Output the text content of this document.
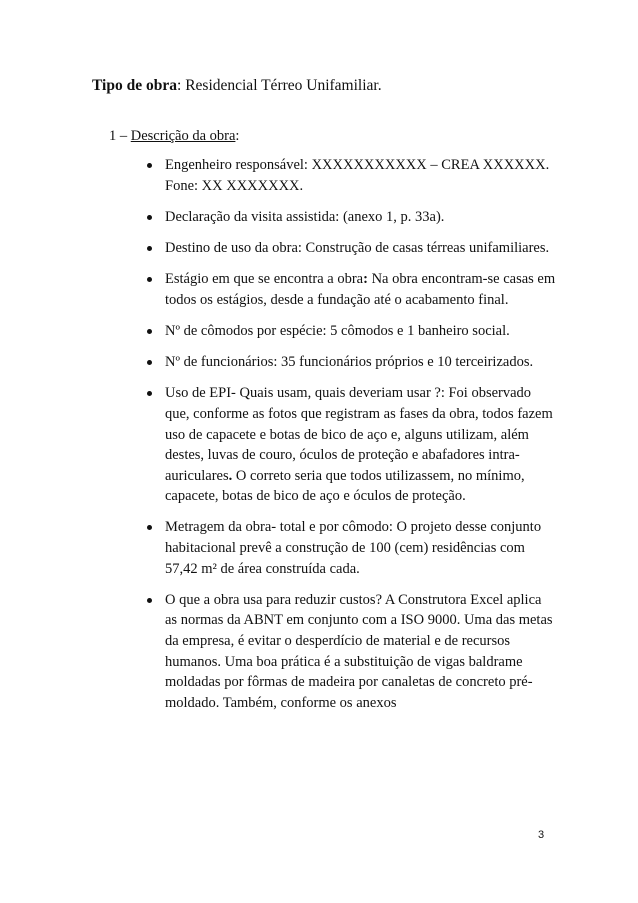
Tipo de obra: Residencial Térreo Unifamiliar.
1 – Descrição da obra:
Engenheiro responsável: XXXXXXXXXXX – CREA XXXXXX. Fone: XX XXXXXXX.
Declaração da visita assistida: (anexo 1, p. 33a).
Destino de uso da obra: Construção de casas térreas unifamiliares.
Estágio em que se encontra a obra: Na obra encontram-se casas em todos os estágios, desde a fundação até o acabamento final.
Nº de cômodos por espécie: 5 cômodos e 1 banheiro social.
Nº de funcionários: 35 funcionários próprios e 10 terceirizados.
Uso de EPI- Quais usam, quais deveriam usar ?: Foi observado que, conforme as fotos que registram as fases da obra, todos fazem uso de capacete e botas de bico de aço e, alguns utilizam, além destes, luvas de couro, óculos de proteção e abafadores intra-auriculares. O correto seria que todos utilizassem, no mínimo, capacete, botas de bico de aço e óculos de proteção.
Metragem da obra- total e por cômodo: O projeto desse conjunto habitacional prevê a construção de 100 (cem) residências com 57,42 m² de área construída cada.
O que a obra usa para reduzir custos? A Construtora Excel aplica as normas da ABNT em conjunto com a ISO 9000. Uma das metas da empresa, é evitar o desperdício de material e de recursos humanos. Uma boa prática é a substituição de vigas baldrame moldadas por fôrmas de madeira por canaletas de concreto pré-moldado. Também, conforme os anexos
3
